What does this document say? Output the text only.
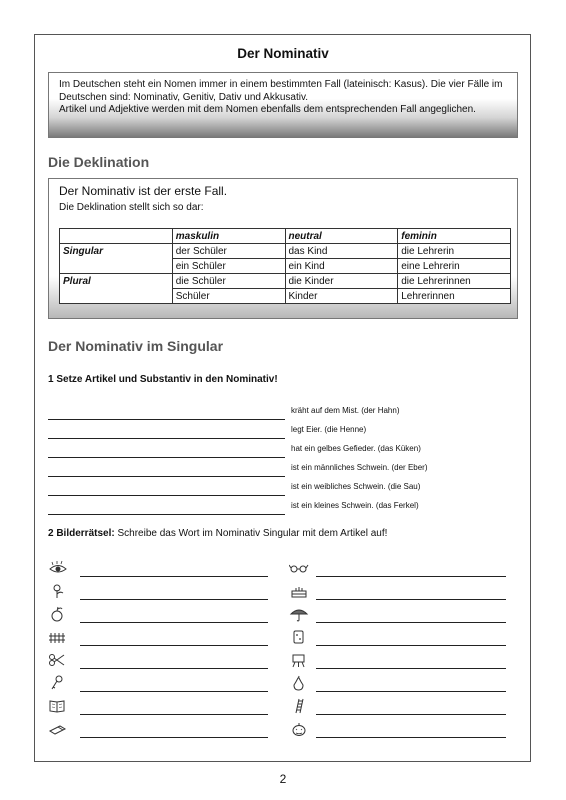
Der Nominativ

Im Deutschen steht ein Nomen immer in einem bestimmten Fall (lateinisch: Kasus). Die vier Fälle im Deutschen sind: Nominativ, Genitiv, Dativ und Akkusativ.

Artikel und Adjektive werden mit dem Nomen ebenfalls dem entsprechenden Fall angeglichen.

Die Deklination
Der Nominativ ist der erste Fall.
Die Deklination stellt sich so dar:
	maskulin	neutral	feminin
Singular	der Schüler	das Kind	die Lehrerin
	ein Schüler	ein Kind	eine Lehrerin
Plural	die Schüler	die Kinder	die Lehrerinnen
	Schüler	Kinder	Lehrerinnen
Der Nominativ im Singular
1 Setze Artikel und Substantiv in den Nominativ!
kräht auf dem Mist. (der Hahn)
legt Eier. (die Henne)
hat ein gelbes Gefieder. (das Küken)
ist ein männliches Schwein. (der Eber)
ist ein weibliches Schwein. (die Sau)
ist ein kleines Schwein. (das Ferkel)
2 Bilderrätsel: Schreibe das Wort im Nominativ Singular mit dem Artikel auf!
2
